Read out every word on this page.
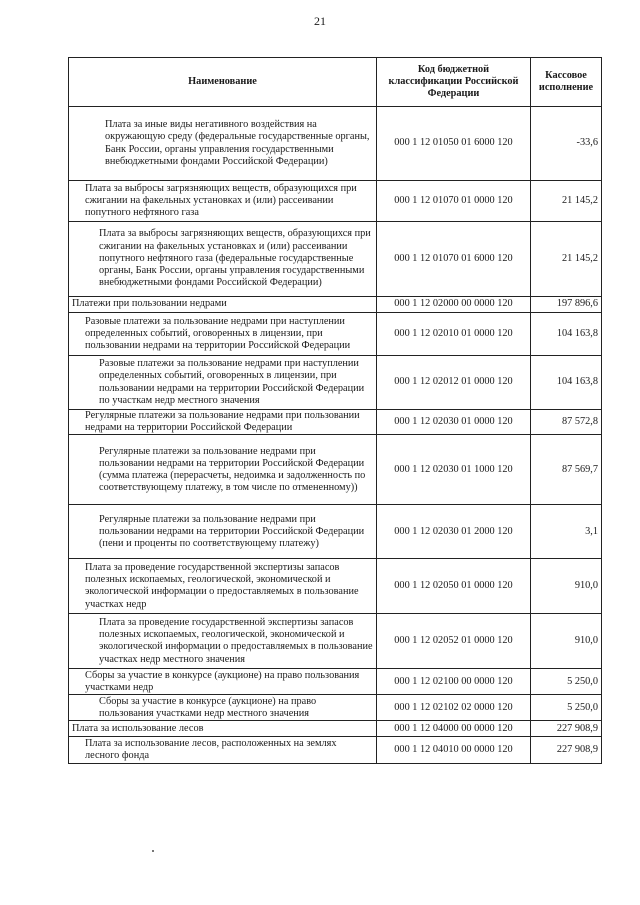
21
Наименование	Код бюджетной классификации Российской Федерации	Кассовое исполнение
Плата за иные виды негативного воздействия на окружающую среду (федеральные государственные органы, Банк России, органы управления государственными внебюджетными фондами Российской Федерации)	000 1 12 01050 01 6000 120	-33,6
Плата за выбросы загрязняющих веществ, образующихся при сжигании на факельных установках и (или) рассеивании попутного нефтяного газа	000 1 12 01070 01 0000 120	21 145,2
Плата за выбросы загрязняющих веществ, образующихся при сжигании на факельных установках и (или) рассеивании попутного нефтяного газа (федеральные государственные органы, Банк России, органы управления государственными внебюджетными фондами Российской Федерации)	000 1 12 01070 01 6000 120	21 145,2
Платежи при пользовании недрами	000 1 12 02000 00 0000 120	197 896,6
Разовые платежи за пользование недрами при наступлении определенных событий, оговоренных в лицензии, при пользовании недрами на территории Российской Федерации	000 1 12 02010 01 0000 120	104 163,8
Разовые платежи за пользование недрами при наступлении определенных событий, оговоренных в лицензии, при пользовании недрами на территории Российской Федерации по участкам недр местного значения	000 1 12 02012 01 0000 120	104 163,8
Регулярные платежи за пользование недрами при пользовании недрами на территории Российской Федерации	000 1 12 02030 01 0000 120	87 572,8
Регулярные платежи за пользование недрами при пользовании недрами на территории Российской Федерации (сумма платежа (перерасчеты, недоимка и задолженность по соответствующему платежу, в том числе по отмененному))	000 1 12 02030 01 1000 120	87 569,7
Регулярные платежи за пользование недрами при пользовании недрами на территории Российской Федерации (пени и проценты по соответствующему платежу)	000 1 12 02030 01 2000 120	3,1
Плата за проведение государственной экспертизы запасов полезных ископаемых, геологической, экономической и экологической информации о предоставляемых в пользование участках недр	000 1 12 02050 01 0000 120	910,0
Плата за проведение государственной экспертизы запасов полезных ископаемых, геологической, экономической и экологической информации о предоставляемых в пользование участках недр местного значения	000 1 12 02052 01 0000 120	910,0
Сборы за участие в конкурсе (аукционе) на право пользования участками недр	000 1 12 02100 00 0000 120	5 250,0
Сборы за участие в конкурсе (аукционе) на право пользования участками недр местного значения	000 1 12 02102 02 0000 120	5 250,0
Плата за использование лесов	000 1 12 04000 00 0000 120	227 908,9
Плата за использование лесов, расположенных на землях лесного фонда	000 1 12 04010 00 0000 120	227 908,9
